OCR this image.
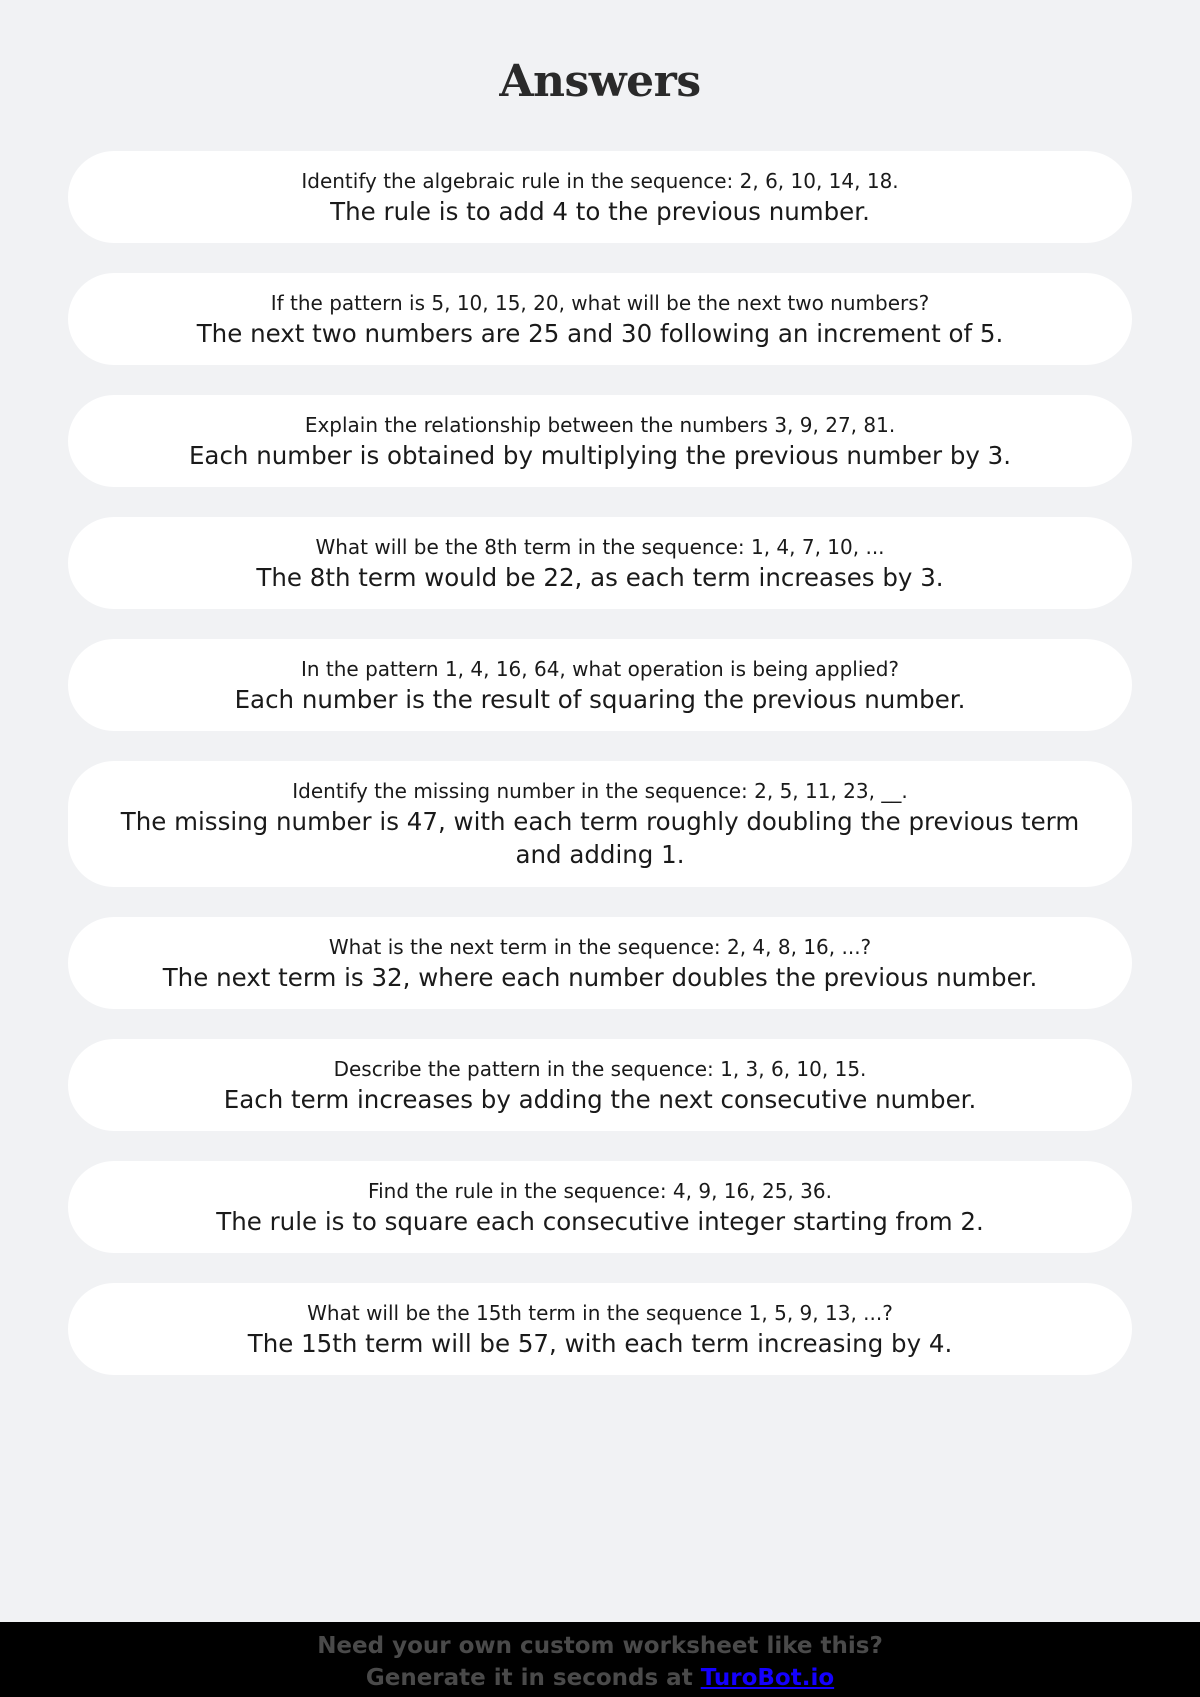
Answers
Identify the algebraic rule in the sequence: 2, 6, 10, 14, 18.
The rule is to add 4 to the previous number.
If the pattern is 5, 10, 15, 20, what will be the next two numbers?
The next two numbers are 25 and 30 following an increment of 5.
Explain the relationship between the numbers 3, 9, 27, 81.
Each number is obtained by multiplying the previous number by 3.
What will be the 8th term in the sequence: 1, 4, 7, 10, ...
The 8th term would be 22, as each term increases by 3.
In the pattern 1, 4, 16, 64, what operation is being applied?
Each number is the result of squaring the previous number.
Identify the missing number in the sequence: 2, 5, 11, 23, __.
The missing number is 47, with each term roughly doubling the previous term and adding 1.
What is the next term in the sequence: 2, 4, 8, 16, ...?
The next term is 32, where each number doubles the previous number.
Describe the pattern in the sequence: 1, 3, 6, 10, 15.
Each term increases by adding the next consecutive number.
Find the rule in the sequence: 4, 9, 16, 25, 36.
The rule is to square each consecutive integer starting from 2.
What will be the 15th term in the sequence 1, 5, 9, 13, ...?
The 15th term will be 57, with each term increasing by 4.
Need your own custom worksheet like this?
Generate it in seconds at TuroBot.io
